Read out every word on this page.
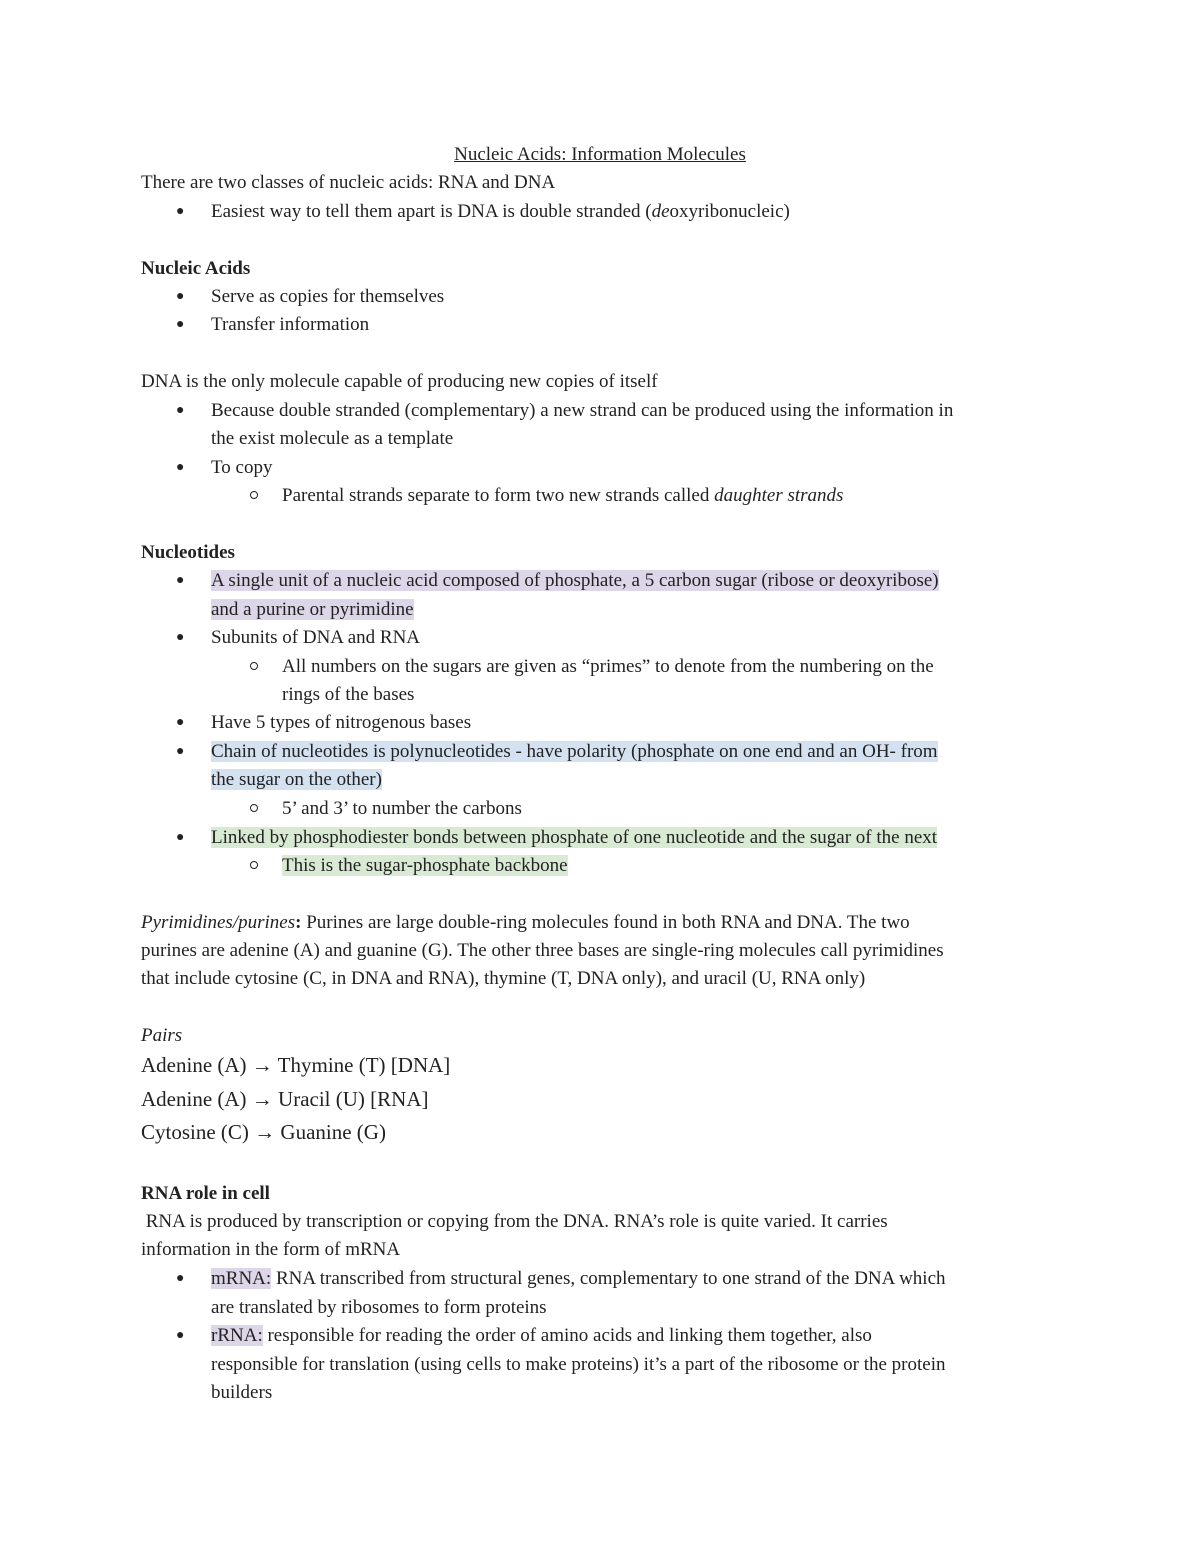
Nucleic Acids: Information Molecules
There are two classes of nucleic acids: RNA and DNA
● Easiest way to tell them apart is DNA is double stranded (deoxyribonucleic)
Nucleic Acids
● Serve as copies for themselves
● Transfer information
DNA is the only molecule capable of producing new copies of itself
● Because double stranded (complementary) a new strand can be produced using the information in
the exist molecule as a template
● To copy
Parental strands separate to form two new strands called daughter strands
Nucleotides
● A single unit of a nucleic acid composed of phosphate, a 5 carbon sugar (ribose or deoxyribose)
and a purine or pyrimidine
● Subunits of DNA and RNA
All numbers on the sugars are given as “primes” to denote from the numbering on the
rings of the bases
● Have 5 types of nitrogenous bases
● Chain of nucleotides is polynucleotides - have polarity (phosphate on one end and an OH- from
the sugar on the other)
5’ and 3’ to number the carbons
● Linked by phosphodiester bonds between phosphate of one nucleotide and the sugar of the next
This is the sugar-phosphate backbone
Pyrimidines/purines: Purines are large double-ring molecules found in both RNA and DNA. The two
purines are adenine (A) and guanine (G). The other three bases are single-ring molecules call pyrimidines
that include cytosine (C, in DNA and RNA), thymine (T, DNA only), and uracil (U, RNA only)
Pairs
Adenine (A) → Thymine (T) [DNA]
Adenine (A) → Uracil (U) [RNA]
Cytosine (C) → Guanine (G)
RNA role in cell
RNA is produced by transcription or copying from the DNA. RNA’s role is quite varied. It carries
information in the form of mRNA
● mRNA: RNA transcribed from structural genes, complementary to one strand of the DNA which
are translated by ribosomes to form proteins
● rRNA: responsible for reading the order of amino acids and linking them together, also
responsible for translation (using cells to make proteins) it’s a part of the ribosome or the protein
builders
